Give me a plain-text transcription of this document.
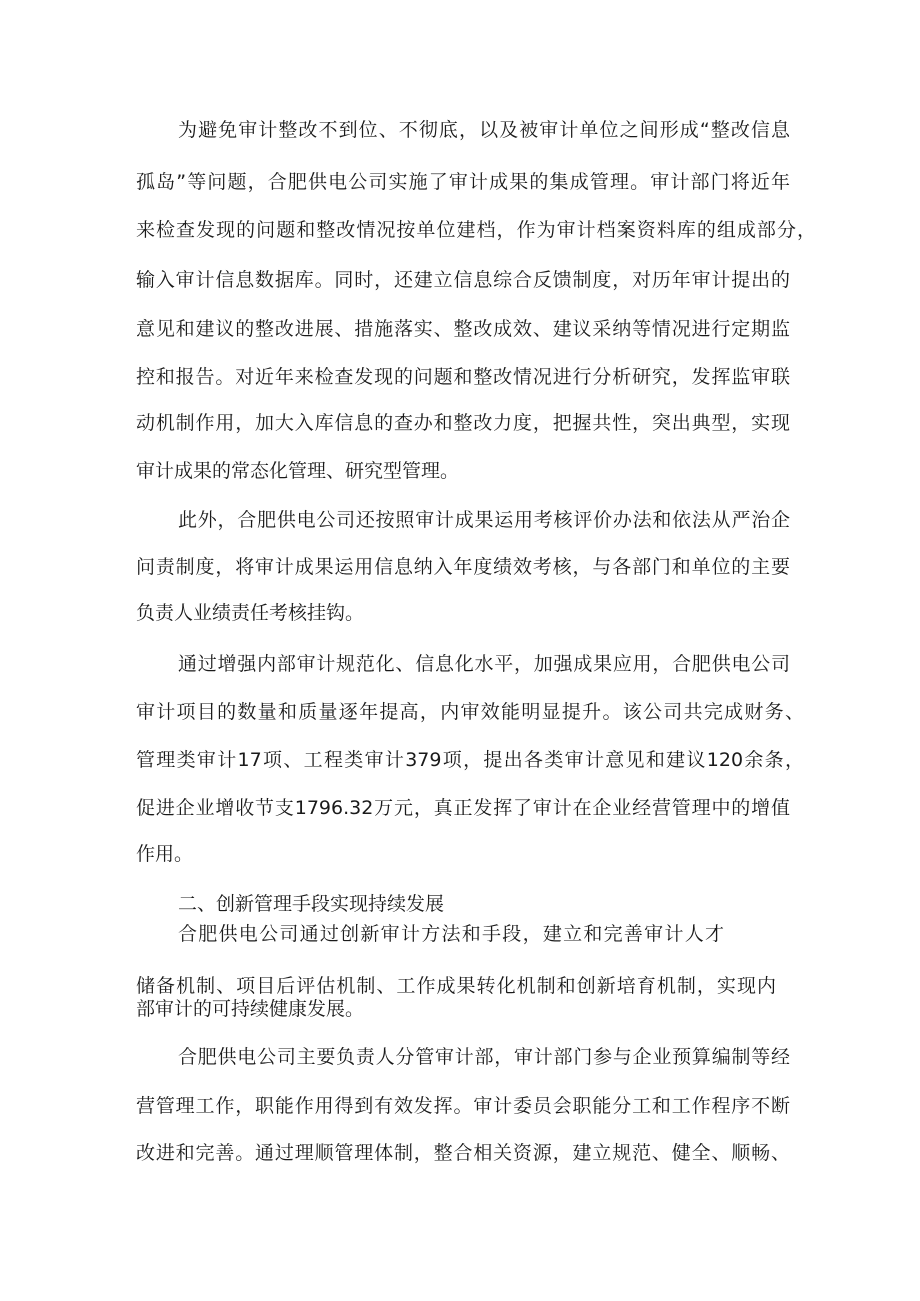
为避免审计整改不到位、不彻底，以及被审计单位之间形成“整改信息

孤岛”等问题，合肥供电公司实施了审计成果的集成管理。审计部门将近年

来检查发现的问题和整改情况按单位建档，作为审计档案资料库的组成部分，

输入审计信息数据库。同时，还建立信息综合反馈制度，对历年审计提出的

意见和建议的整改进展、措施落实、整改成效、建议采纳等情况进行定期监

控和报告。对近年来检查发现的问题和整改情况进行分析研究，发挥监审联

动机制作用，加大入库信息的查办和整改力度，把握共性，突出典型，实现

审计成果的常态化管理、研究型管理。

此外，合肥供电公司还按照审计成果运用考核评价办法和依法从严治企

问责制度，将审计成果运用信息纳入年度绩效考核，与各部门和单位的主要

负责人业绩责任考核挂钩。

通过增强内部审计规范化、信息化水平，加强成果应用，合肥供电公司

审计项目的数量和质量逐年提高，内审效能明显提升。该公司共完成财务、

管理类审计17项、工程类审计379项，提出各类审计意见和建议120余条，

促进企业增收节支1796.32万元，真正发挥了审计在企业经营管理中的增值

作用。

二、创新管理手段实现持续发展

合肥供电公司通过创新审计方法和手段，建立和完善审计人才

储备机制、项目后评估机制、工作成果转化机制和创新培育机制，实现内

部审计的可持续健康发展。

合肥供电公司主要负责人分管审计部，审计部门参与企业预算编制等经

营管理工作，职能作用得到有效发挥。审计委员会职能分工和工作程序不断

改进和完善。通过理顺管理体制，整合相关资源，建立规范、健全、顺畅、
